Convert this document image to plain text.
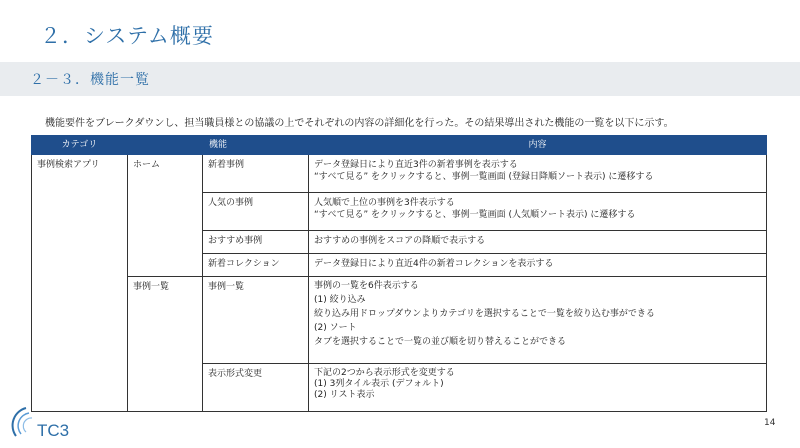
２．システム概要
２－３．機能一覧
機能要件をブレークダウンし、担当職員様との協議の上でそれぞれの内容の詳細化を行った。その結果導出された機能の一覧を以下に示す。
カテゴリ	機能		内容
事例検索アプリ	ホーム	新着事例	データ登録日により直近3件の新着事例を表示する
“すべて見る” をクリックすると、事例一覧画面 (登録日降順ソート表示) に遷移する

		人気の事例	人気順で上位の事例を3件表示する
“すべて見る” をクリックすると、事例一覧画面 (人気順ソート表示) に遷移する

		おすすめ事例	おすすめの事例をスコアの降順で表示する

		新着コレクション	データ登録日により直近4件の新着コレクションを表示する

	事例一覧	事例一覧	事例の一覧を6件表示する
(1) 絞り込み
絞り込み用ドロップダウンよりカテゴリを選択することで一覧を絞り込む事ができる
(2) ソート
タブを選択することで一覧の並び順を切り替えることができる

		表示形式変更	下記の2つから表示形式を変更する
(1) 3列タイル表示 (デフォルト)
(2) リスト表示
TC3	14
